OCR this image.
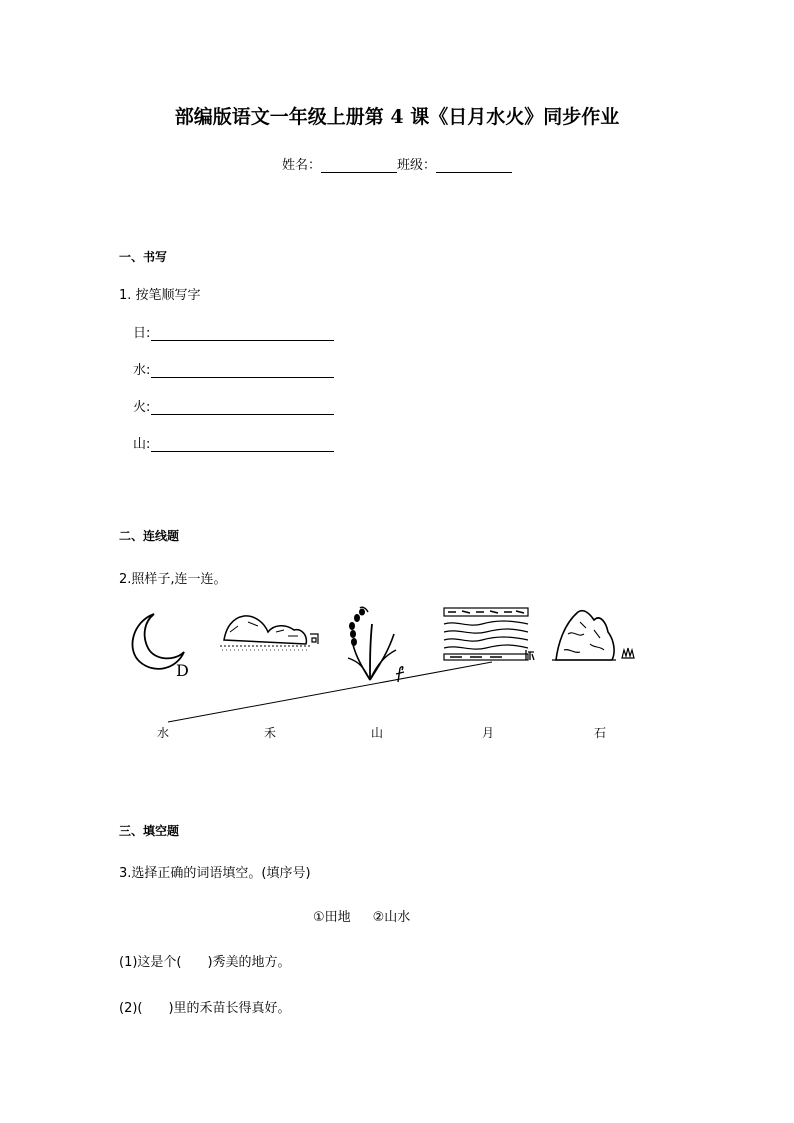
部编版语文一年级上册第 4 课《日月水火》同步作业
姓名：	班级：
一、书写
1. 按笔顺写字
日:
水:
火:
山:
二、连线题
2.照样子,连一连。
D
水	禾	山	月	石
三、填空题
3.选择正确的词语填空。(填序号)
①田地 ②山水
(1)这是个(　　)秀美的地方。
(2)(　　)里的禾苗长得真好。
